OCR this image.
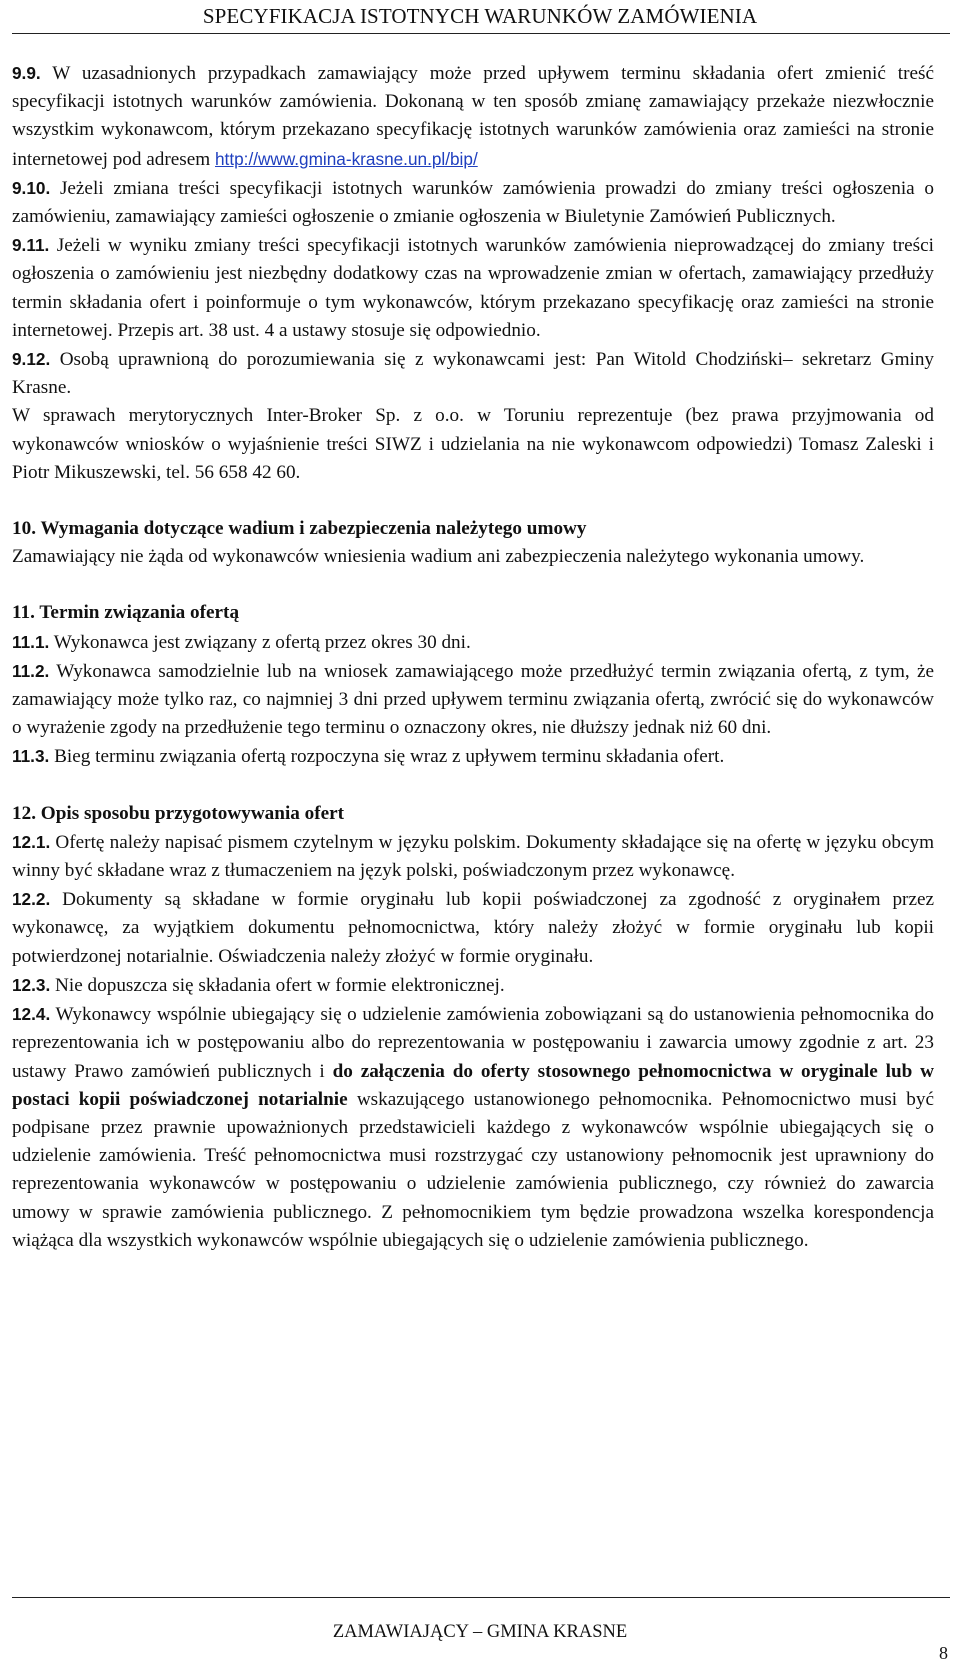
SPECYFIKACJA ISTOTNYCH WARUNKÓW ZAMÓWIENIA

9.9. W uzasadnionych przypadkach zamawiający może przed upływem terminu składania ofert zmienić treść specyfikacji istotnych warunków zamówienia. Dokonaną w ten sposób zmianę zamawiający przekaże niezwłocznie wszystkim wykonawcom, którym przekazano specyfikację istotnych warunków zamówienia oraz zamieści na stronie internetowej pod adresem http://www.gmina-krasne.un.pl/bip/

9.10. Jeżeli zmiana treści specyfikacji istotnych warunków zamówienia prowadzi do zmiany treści ogłoszenia o zamówieniu, zamawiający zamieści ogłoszenie o zmianie ogłoszenia w Biuletynie Zamówień Publicznych.

9.11. Jeżeli w wyniku zmiany treści specyfikacji istotnych warunków zamówienia nieprowadzącej do zmiany treści ogłoszenia o zamówieniu jest niezbędny dodatkowy czas na wprowadzenie zmian w ofertach, zamawiający przedłuży termin składania ofert i poinformuje o tym wykonawców, którym przekazano specyfikację oraz zamieści na stronie internetowej. Przepis art. 38 ust. 4 a ustawy stosuje się odpowiednio.

9.12. Osobą uprawnioną do porozumiewania się z wykonawcami jest: Pan Witold Chodziński– sekretarz Gminy Krasne.

W sprawach merytorycznych Inter-Broker Sp. z o.o. w Toruniu reprezentuje (bez prawa przyjmowania od wykonawców wniosków o wyjaśnienie treści SIWZ i udzielania na nie wykonawcom odpowiedzi) Tomasz Zaleski i Piotr Mikuszewski, tel. 56 658 42 60.

10. Wymagania dotyczące wadium i zabezpieczenia należytego umowy

Zamawiający nie żąda od wykonawców wniesienia wadium ani zabezpieczenia należytego wykonania umowy.

11. Termin związania ofertą

11.1. Wykonawca jest związany z ofertą przez okres 30 dni.

11.2. Wykonawca samodzielnie lub na wniosek zamawiającego może przedłużyć termin związania ofertą, z tym, że zamawiający może tylko raz, co najmniej 3 dni przed upływem terminu związania ofertą, zwrócić się do wykonawców o wyrażenie zgody na przedłużenie tego terminu o oznaczony okres, nie dłuższy jednak niż 60 dni.

11.3. Bieg terminu związania ofertą rozpoczyna się wraz z upływem terminu składania ofert.

12. Opis sposobu przygotowywania ofert

12.1. Ofertę należy napisać pismem czytelnym w języku polskim. Dokumenty składające się na ofertę w języku obcym winny być składane wraz z tłumaczeniem na język polski, poświadczonym przez wykonawcę.

12.2. Dokumenty są składane w formie oryginału lub kopii poświadczonej za zgodność z oryginałem przez wykonawcę, za wyjątkiem dokumentu pełnomocnictwa, który należy złożyć w formie oryginału lub kopii potwierdzonej notarialnie. Oświadczenia należy złożyć w formie oryginału.

12.3. Nie dopuszcza się składania ofert w formie elektronicznej.

12.4. Wykonawcy wspólnie ubiegający się o udzielenie zamówienia zobowiązani są do ustanowienia pełnomocnika do reprezentowania ich w postępowaniu albo do reprezentowania w postępowaniu i zawarcia umowy zgodnie z art. 23 ustawy Prawo zamówień publicznych i do załączenia do oferty stosownego pełnomocnictwa w oryginale lub w postaci kopii poświadczonej notarialnie wskazującego ustanowionego pełnomocnika. Pełnomocnictwo musi być podpisane przez prawnie upoważnionych przedstawicieli każdego z wykonawców wspólnie ubiegających się o udzielenie zamówienia. Treść pełnomocnictwa musi rozstrzygać czy ustanowiony pełnomocnik jest uprawniony do reprezentowania wykonawców w postępowaniu o udzielenie zamówienia publicznego, czy również do zawarcia umowy w sprawie zamówienia publicznego. Z pełnomocnikiem tym będzie prowadzona wszelka korespondencja wiążąca dla wszystkich wykonawców wspólnie ubiegających się o udzielenie zamówienia publicznego.

ZAMAWIAJĄCY – GMINA KRASNE
8
